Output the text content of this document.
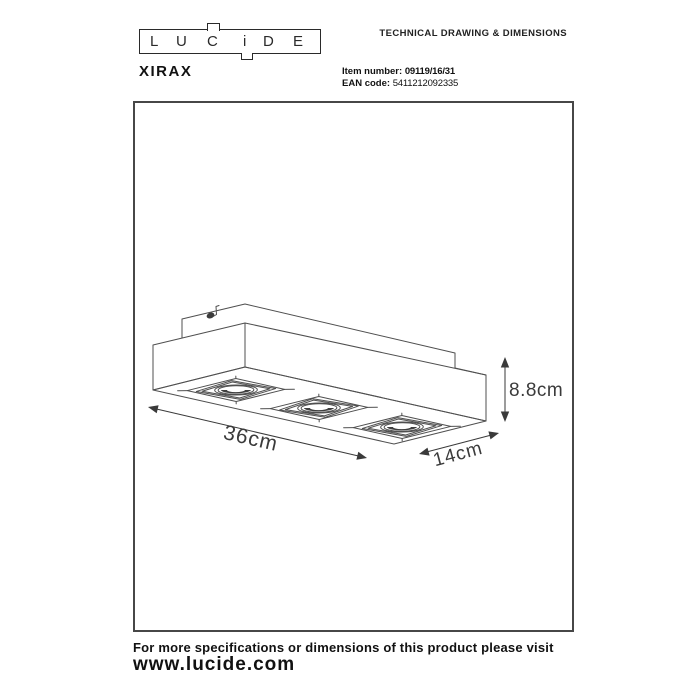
L U C i D E
XIRAX
TECHNICAL DRAWING & DIMENSIONS
Item number: 09119/16/31
EAN code: 5411212092335
8.8cm
36cm	14cm
For more specifications or dimensions of this product please visit
www.lucide.com
